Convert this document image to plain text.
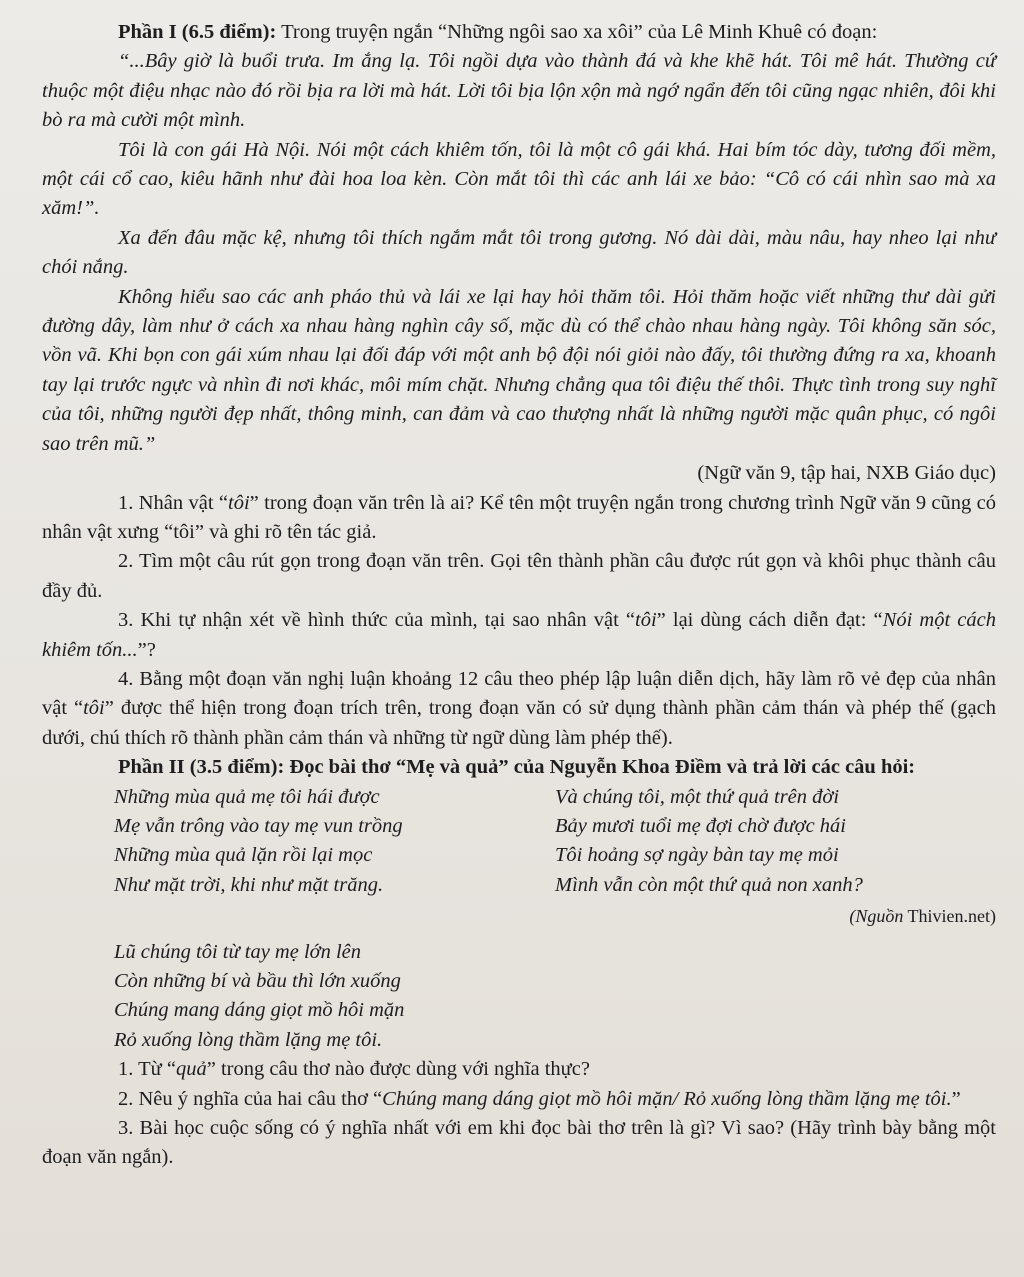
Phần I (6.5 điểm): Trong truyện ngắn “Những ngôi sao xa xôi” của Lê Minh Khuê có đoạn:

“...Bây giờ là buổi trưa. Im ắng lạ. Tôi ngồi dựa vào thành đá và khe khẽ hát. Tôi mê hát. Thường cứ thuộc một điệu nhạc nào đó rồi bịa ra lời mà hát. Lời tôi bịa lộn xộn mà ngớ ngẩn đến tôi cũng ngạc nhiên, đôi khi bò ra mà cười một mình.

Tôi là con gái Hà Nội. Nói một cách khiêm tốn, tôi là một cô gái khá. Hai bím tóc dày, tương đối mềm, một cái cổ cao, kiêu hãnh như đài hoa loa kèn. Còn mắt tôi thì các anh lái xe bảo: “Cô có cái nhìn sao mà xa xăm!”.

Xa đến đâu mặc kệ, nhưng tôi thích ngắm mắt tôi trong gương. Nó dài dài, màu nâu, hay nheo lại như chói nắng.

Không hiểu sao các anh pháo thủ và lái xe lại hay hỏi thăm tôi. Hỏi thăm hoặc viết những thư dài gửi đường dây, làm như ở cách xa nhau hàng nghìn cây số, mặc dù có thể chào nhau hàng ngày. Tôi không săn sóc, vồn vã. Khi bọn con gái xúm nhau lại đối đáp với một anh bộ đội nói giỏi nào đấy, tôi thường đứng ra xa, khoanh tay lại trước ngực và nhìn đi nơi khác, môi mím chặt. Nhưng chẳng qua tôi điệu thế thôi. Thực tình trong suy nghĩ của tôi, những người đẹp nhất, thông minh, can đảm và cao thượng nhất là những người mặc quân phục, có ngôi sao trên mũ.”

(Ngữ văn 9, tập hai, NXB Giáo dục)

1. Nhân vật “tôi” trong đoạn văn trên là ai? Kể tên một truyện ngắn trong chương trình Ngữ văn 9 cũng có nhân vật xưng “tôi” và ghi rõ tên tác giả.

2. Tìm một câu rút gọn trong đoạn văn trên. Gọi tên thành phần câu được rút gọn và khôi phục thành câu đầy đủ.

3. Khi tự nhận xét về hình thức của mình, tại sao nhân vật “tôi” lại dùng cách diễn đạt: “Nói một cách khiêm tốn...”?

4. Bằng một đoạn văn nghị luận khoảng 12 câu theo phép lập luận diễn dịch, hãy làm rõ vẻ đẹp của nhân vật “tôi” được thể hiện trong đoạn trích trên, trong đoạn văn có sử dụng thành phần cảm thán và phép thế (gạch dưới, chú thích rõ thành phần cảm thán và những từ ngữ dùng làm phép thế).

Phần II (3.5 điểm): Đọc bài thơ “Mẹ và quả” của Nguyễn Khoa Điềm và trả lời các câu hỏi:

Những mùa quả mẹ tôi hái được

Mẹ vẫn trông vào tay mẹ vun trồng

Những mùa quả lặn rồi lại mọc

Như mặt trời, khi như mặt trăng.

Và chúng tôi, một thứ quả trên đời

Bảy mươi tuổi mẹ đợi chờ được hái

Tôi hoảng sợ ngày bàn tay mẹ mỏi

Mình vẫn còn một thứ quả non xanh?

(Nguồn Thivien.net)

Lũ chúng tôi từ tay mẹ lớn lên

Còn những bí và bầu thì lớn xuống

Chúng mang dáng giọt mồ hôi mặn

Rỏ xuống lòng thầm lặng mẹ tôi.

1. Từ “quả” trong câu thơ nào được dùng với nghĩa thực?

2. Nêu ý nghĩa của hai câu thơ “Chúng mang dáng giọt mồ hôi mặn/ Rỏ xuống lòng thầm lặng mẹ tôi.”

3. Bài học cuộc sống có ý nghĩa nhất với em khi đọc bài thơ trên là gì? Vì sao? (Hãy trình bày bằng một đoạn văn ngắn).
